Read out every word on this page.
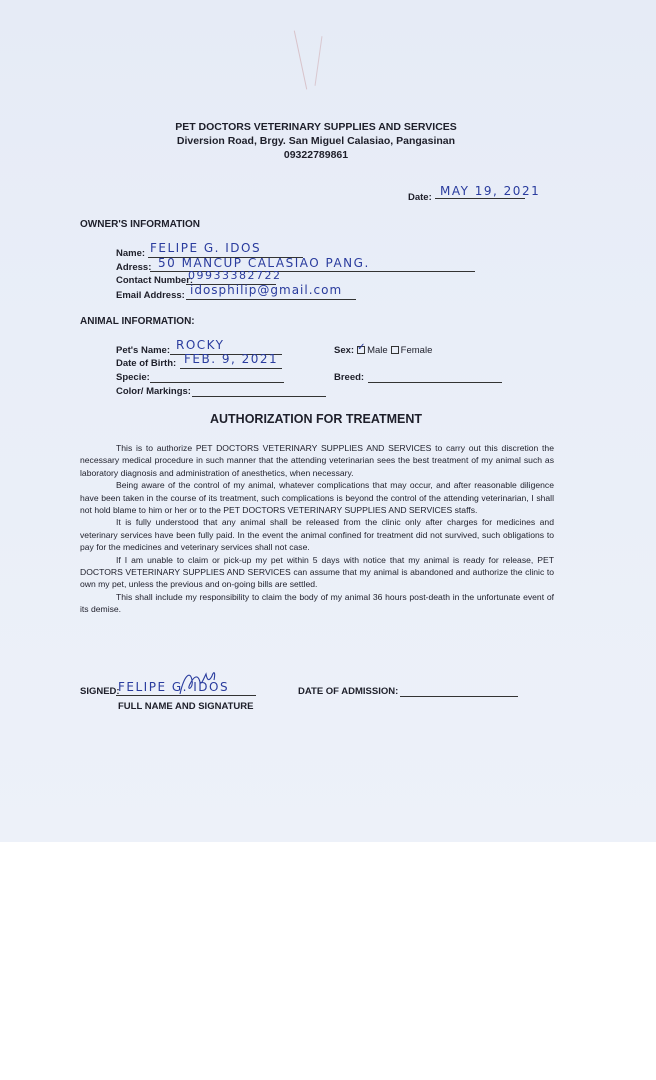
PET DOCTORS VETERINARY SUPPLIES AND SERVICES
Diversion Road, Brgy. San Miguel Calasiao, Pangasinan
09322789861
Date: MAY 19, 2021
OWNER'S INFORMATION
Name: FELIPE G. IDOS
Adress: 50 MANCUP CALASIAO PANG.
Contact Number:
09933382722
Email Address: idosphilip@gmail.com
ANIMAL INFORMATION:
Pet's Name: ROCKY
Date of Birth: FEB. 9, 2021
Specie:
Color/ Markings:
Sex: ✓ Male Female
Breed:
AUTHORIZATION FOR TREATMENT

This is to authorize PET DOCTORS VETERINARY SUPPLIES AND SERVICES to carry out this discretion the necessary medical procedure in such manner that the attending veterinarian sees the best treatment of my animal such as laboratory diagnosis and administration of anesthetics, when necessary.

Being aware of the control of my animal, whatever complications that may occur, and after reasonable diligence have been taken in the course of its treatment, such complications is beyond the control of the attending veterinarian, I shall not hold blame to him or her or to the PET DOCTORS VETERINARY SUPPLIES AND SERVICES staffs.

It is fully understood that any animal shall be released from the clinic only after charges for medicines and veterinary services have been fully paid. In the event the animal confined for treatment did not survived, such obligations to pay for the medicines and veterinary services shall not case.

If I am unable to claim or pick-up my pet within 5 days with notice that my animal is ready for release, PET DOCTORS VETERINARY SUPPLIES AND SERVICES can assume that my animal is abandoned and authorize the clinic to own my pet, unless the previous and on-going bills are settled.

This shall include my responsibility to claim the body of my animal 36 hours post-death in the unfortunate event of its demise.

SIGNED:
FELIPE G. IDOS
FULL NAME AND SIGNATURE
DATE OF ADMISSION:
